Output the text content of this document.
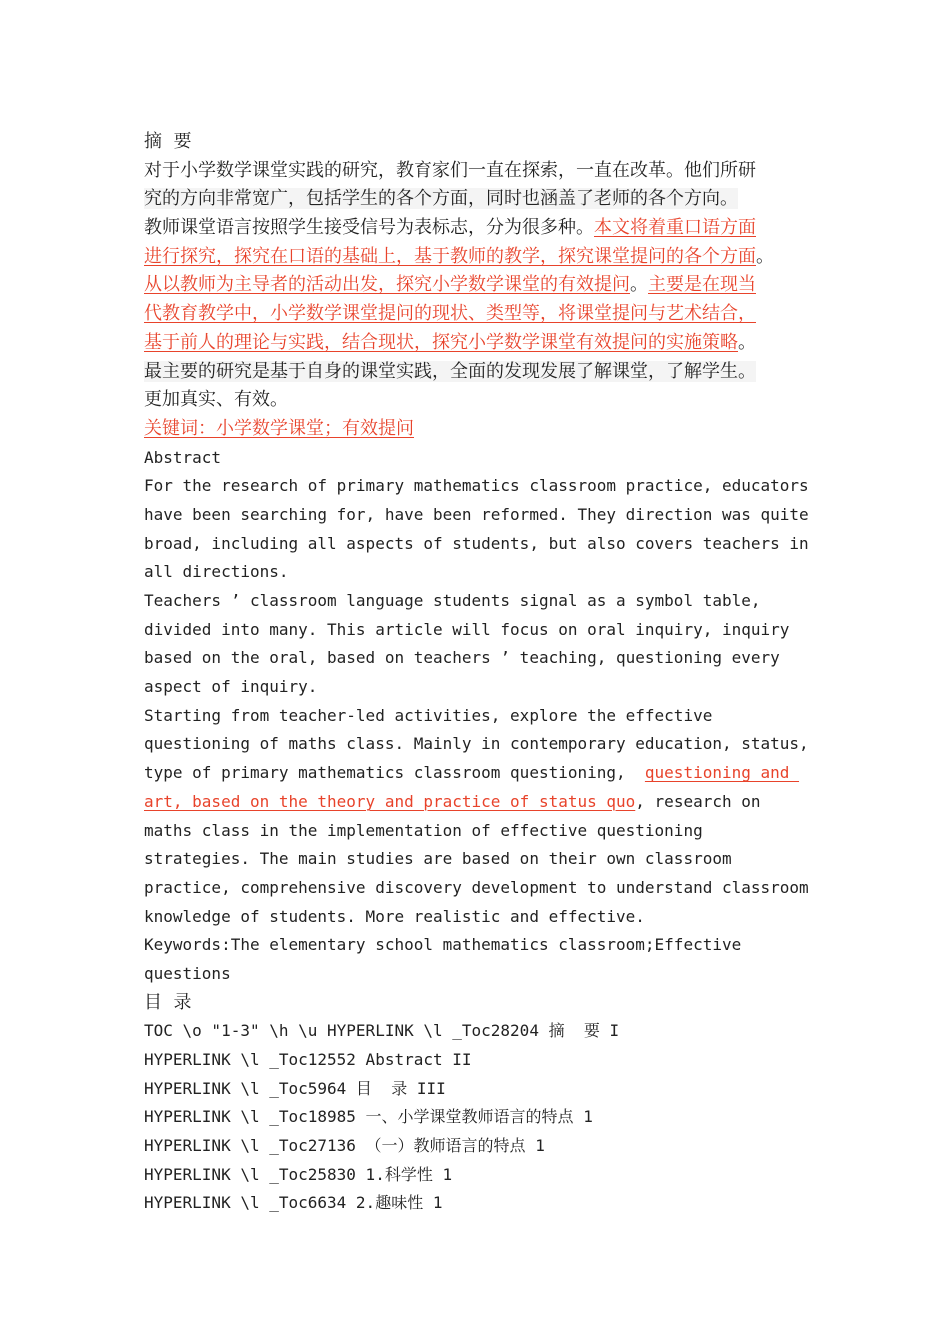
摘  要
对于小学数学课堂实践的研究，教育家们一直在探索，一直在改革。他们所研
究的方向非常宽广，包括学生的各个方面，同时也涵盖了老师的各个方向。
教师课堂语言按照学生接受信号为表标志，分为很多种。本文将着重口语方面
进行探究，探究在口语的基础上，基于教师的教学，探究课堂提问的各个方面。
从以教师为主导者的活动出发，探究小学数学课堂的有效提问。主要是在现当
代教育教学中，小学数学课堂提问的现状、类型等，将课堂提问与艺术结合，
基于前人的理论与实践，结合现状，探究小学数学课堂有效提问的实施策略。
最主要的研究是基于自身的课堂实践，全面的发现发展了解课堂，了解学生。
更加真实、有效。
关键词：小学数学课堂；有效提问
Abstract
For the research of primary mathematics classroom practice, educators
have been searching for, have been reformed. They direction was quite
broad, including all aspects of students, but also covers teachers in
all directions.
Teachers ’ classroom language students signal as a symbol table,
divided into many. This article will focus on oral inquiry, inquiry
based on the oral, based on teachers ’ teaching, questioning every
aspect of inquiry.
Starting from teacher-led activities, explore the effective
questioning of maths class. Mainly in contemporary education, status,
type of primary mathematics classroom questioning,  questioning and
art, based on the theory and practice of status quo, research on
maths class in the implementation of effective questioning
strategies. The main studies are based on their own classroom
practice, comprehensive discovery development to understand classroom
knowledge of students. More realistic and effective.
Keywords:The elementary school mathematics classroom;Effective
questions
目  录
TOC \o "1-3" \h \u HYPERLINK \l _Toc28204 摘  要 I
HYPERLINK \l _Toc12552 Abstract II
HYPERLINK \l _Toc5964 目  录 III
HYPERLINK \l _Toc18985 一、小学课堂教师语言的特点 1
HYPERLINK \l _Toc27136 （一）教师语言的特点 1
HYPERLINK \l _Toc25830 1.科学性 1
HYPERLINK \l _Toc6634 2.趣味性 1
